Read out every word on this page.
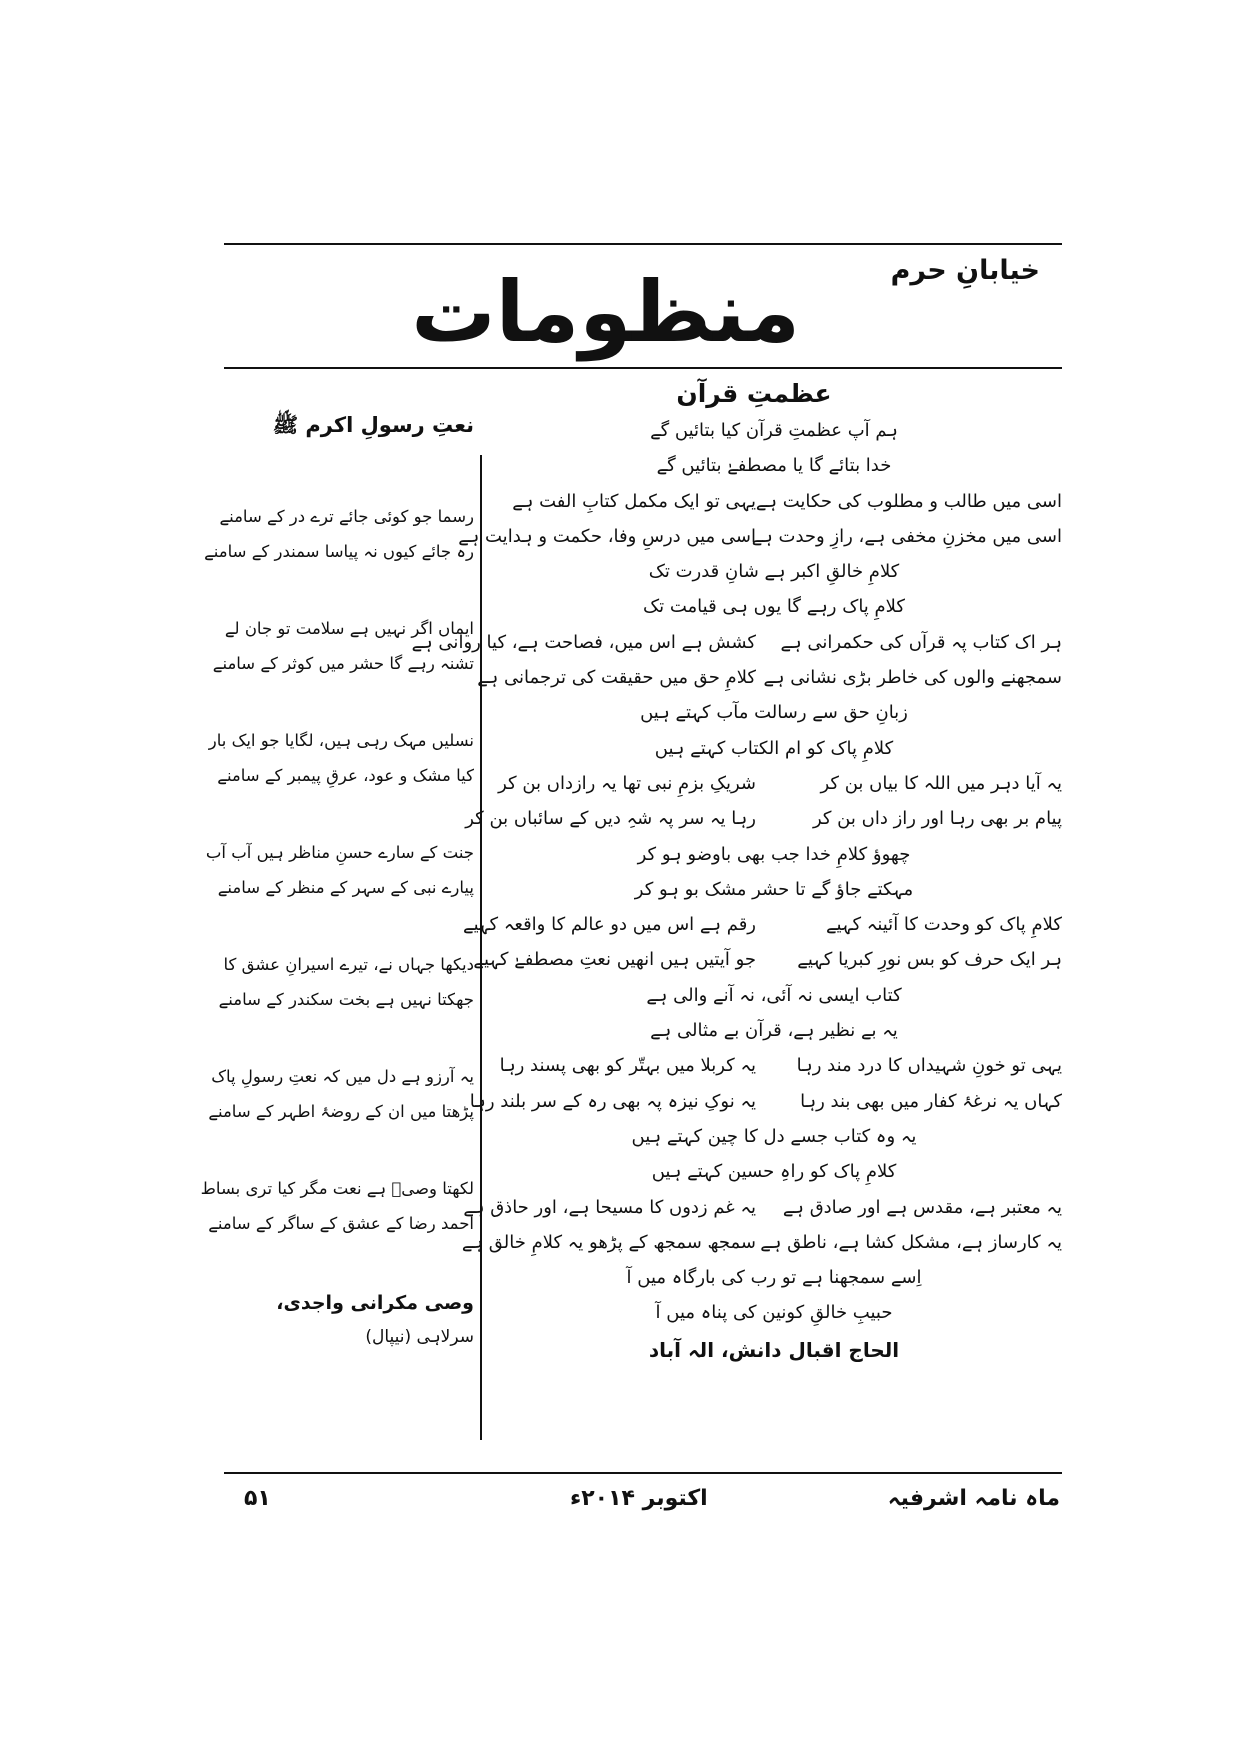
خیابانِ حرم
منظومات
عظمتِ قرآن
ہم آپ عظمتِ قرآن کیا بتائیں گے
خدا بتائے گا یا مصطفےٰ بتائیں گے
اسی میں طالب و مطلوب کی حکایت ہے
یہی تو ایک مکمل کتابِ الفت ہے
اسی میں مخزنِ مخفی ہے، رازِ وحدت ہے
اسی میں درسِ وفا، حکمت و ہدایت ہے
کلامِ خالقِ اکبر ہے شانِ قدرت تک
کلامِ پاک رہے گا یوں ہی قیامت تک
ہر اک کتاب پہ قرآں کی حکمرانی ہے
کشش ہے اس میں، فصاحت ہے، کیا روانی ہے
سمجھنے والوں کی خاطر بڑی نشانی ہے
کلامِ حق میں حقیقت کی ترجمانی ہے
زبانِ حق سے رسالت مآب کہتے ہیں
کلامِ پاک کو ام الکتاب کہتے ہیں
یہ آیا دہر میں اللہ کا بیاں بن کر
شریکِ بزمِ نبی تھا یہ رازداں بن کر
پیام بر بھی رہا اور راز داں بن کر
رہا یہ سر پہ شہِ دیں کے سائباں بن کر
چھوؤ کلامِ خدا جب بھی باوضو ہو کر
مہکتے جاؤ گے تا حشر مشک بو ہو کر
کلامِ پاک کو وحدت کا آئینہ کہیے
رقم ہے اس میں دو عالم کا واقعہ کہیے
ہر ایک حرف کو بس نورِ کبریا کہیے
جو آیتیں ہیں انھیں نعتِ مصطفےٰ کہیے
کتاب ایسی نہ آئی، نہ آنے والی ہے
یہ بے نظیر ہے، قرآن بے مثالی ہے
یہی تو خونِ شہیداں کا درد مند رہا
یہ کربلا میں بہتّر کو بھی پسند رہا
کہاں یہ نرغۂ کفار میں بھی بند رہا
یہ نوکِ نیزہ پہ بھی رہ کے سر بلند رہا
یہ وہ کتاب جسے دل کا چین کہتے ہیں
کلامِ پاک کو راہِ حسین کہتے ہیں
یہ معتبر ہے، مقدس ہے اور صادق ہے
یہ غم زدوں کا مسیحا ہے، اور حاذق ہے
یہ کارساز ہے، مشکل کشا ہے، ناطق ہے
سمجھ سمجھ کے پڑھو یہ کلامِ خالق ہے
اِسے سمجھنا ہے تو رب کی بارگاہ میں آ
حبیبِ خالقِ کونین کی پناہ میں آ
الحاج اقبال دانش، الہ آباد
نعتِ رسولِ اکرم ﷺ
رسما جو کوئی جائے ترے در کے سامنے
رہ جائے کیوں نہ پیاسا سمندر کے سامنے
ایماں اگر نہیں ہے سلامت تو جان لے
تشنہ رہے گا حشر میں کوثر کے سامنے
نسلیں مہک رہی ہیں، لگایا جو ایک بار
کیا مشک و عود، عرقِ پیمبر کے سامنے
جنت کے سارے حسنِ مناظر ہیں آب آب
پیارے نبی کے سہر کے منظر کے سامنے
دیکھا جہاں نے، تیرے اسیرانِ عشق کا
جھکتا نہیں ہے بخت سکندر کے سامنے
یہ آرزو ہے دل میں کہ نعتِ رسولِ پاک
پڑھتا میں ان کے روضۂ اطہر کے سامنے
لکھتا وصیؔ ہے نعت مگر کیا تری بساط
احمد رضا کے عشق کے ساگر کے سامنے
وصی مکرانی واجدی،
سرلاہی (نیپال)
ماہ نامہ اشرفیہ
اکتوبر ۲۰۱۴ء
۵۱
